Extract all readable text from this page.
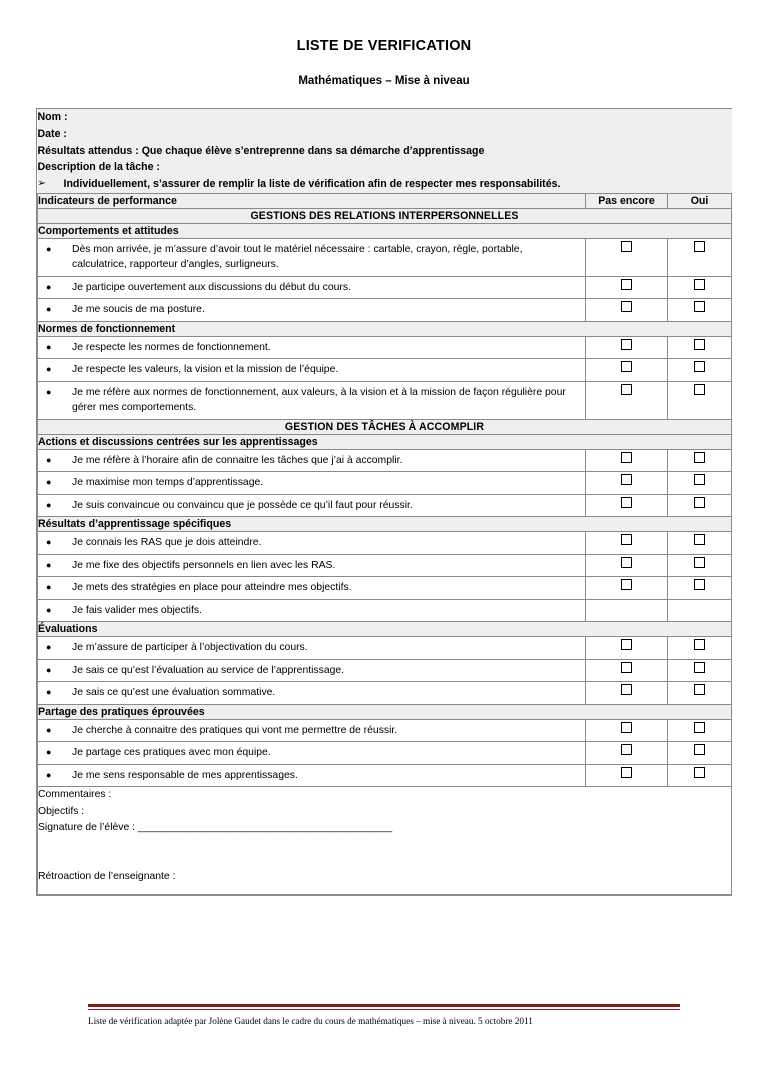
LISTE DE VERIFICATION
Mathématiques – Mise à niveau
Nom :
Date :
Résultats attendus : Que chaque élève s’entreprenne dans sa démarche d’apprentissage
Description de la tâche :
➢	Individuellement, s’assurer de remplir la liste de vérification afin de respecter mes responsabilités.

Indicateurs de performance	Pas encore	Oui
GESTIONS DES RELATIONS INTERPERSONNELLES		
Comportements et attitudes		

● Dès mon arrivée, je m’assure d’avoir tout le matériel nécessaire : cartable, crayon, règle, portable, calculatrice, rapporteur d’angles, surligneurs.		

● Je participe ouvertement aux discussions du début du cours.		

● Je me soucis de ma posture.		

Normes de fonctionnement		

● Je respecte les normes de fonctionnement.		

● Je respecte les valeurs, la vision et la mission de l’équipe.		

● Je me réfère aux normes de fonctionnement, aux valeurs, à la vision et à la mission de façon régulière pour gérer mes comportements.		

GESTION DES TÂCHES À ACCOMPLIR		
Actions et discussions centrées sur les apprentissages		

● Je me réfère à l’horaire afin de connaitre les tâches que j’ai à accomplir.		

● Je maximise mon temps d’apprentissage.		

● Je suis convaincue ou convaincu que je possède ce qu’il faut pour réussir.		

Résultats d’apprentissage spécifiques		

● Je connais les RAS que je dois atteindre.		

● Je me fixe des objectifs personnels en lien avec les RAS.		

● Je mets des stratégies en place pour atteindre mes objectifs.		

● Je fais valider mes objectifs.		

Évaluations		

● Je m’assure de participer à l’objectivation du cours.		

● Je sais ce qu’est l’évaluation au service de l’apprentissage.		

● Je sais ce qu’est une évaluation sommative.		

Partage des pratiques éprouvées		

● Je cherche à connaitre des pratiques qui vont me permettre de réussir.		

● Je partage ces pratiques avec mon équipe.		

● Je me sens responsable de mes apprentissages.		

Commentaires :
Objectifs :
Signature de l’élève : ____________________________________________
Rétroaction de l’enseignante :		
Liste de vérification adaptée par Jolène Gaudet dans le cadre du cours de mathématiques – mise à niveau. 5 octobre 2011
